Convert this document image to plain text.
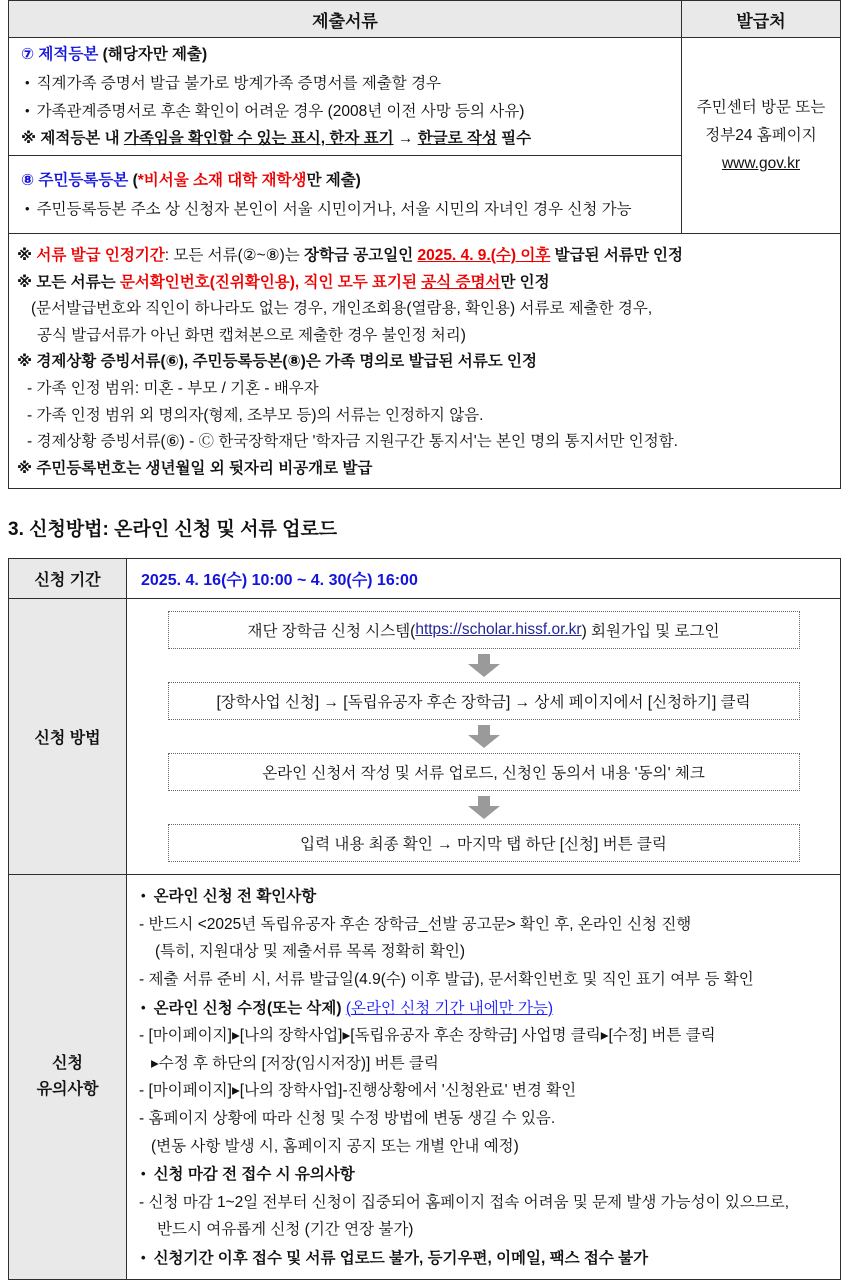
제출서류	발급처

⑦ 제적등본 (해당자만 제출)
• 직계가족 증명서 발급 불가로 방계가족 증명서를 제출할 경우
• 가족관계증명서로 후손 확인이 어려운 경우 (2008년 이전 사망 등의 사유)
※ 제적등본 내 가족임을 확인할 수 있는 표시, 한자 표기 → 한글로 작성 필수

주민센터 방문 또는
정부24 홈페이지
www.gov.kr

⑧ 주민등록등본 (*비서울 소재 대학 재학생만 제출)
• 주민등록등본 주소 상 신청자 본인이 서울 시민이거나, 서울 시민의 자녀인 경우 신청 가능	

※ 서류 발급 인정기간: 모든 서류(②~⑧)는 장학금 공고일인 2025. 4. 9.(수) 이후 발급된 서류만 인정
※ 모든 서류는 문서확인번호(진위확인용), 직인 모두 표기된 공식 증명서만 인정
(문서발급번호와 직인이 하나라도 없는 경우, 개인조회용(열람용, 확인용) 서류로 제출한 경우,
공식 발급서류가 아닌 화면 캡쳐본으로 제출한 경우 불인정 처리)
※ 경제상황 증빙서류(⑥), 주민등록등본(⑧)은 가족 명의로 발급된 서류도 인정
- 가족 인정 범위: 미혼 - 부모 / 기혼 - 배우자
- 가족 인정 범위 외 명의자(형제, 조부모 등)의 서류는 인정하지 않음.
- 경제상황 증빙서류(⑥) - Ⓒ 한국장학재단 '학자금 지원구간 통지서'는 본인 명의 통지서만 인정함.
※ 주민등록번호는 생년월일 외 뒷자리 비공개로 발급
3. 신청방법: 온라인 신청 및 서류 업로드
신청 기간	2025. 4. 16(수) 10:00 ~ 4. 30(수) 16:00
신청 방법	
재단 장학금 신청 시스템( https://scholar.hissf.or.kr ) 회원가입 및 로그인
[장학사업 신청] → [독립유공자 후손 장학금] → 상세 페이지에서 [신청하기] 클릭
온라인 신청서 작성 및 서류 업로드, 신청인 동의서 내용 '동의' 체크
입력 내용 최종 확인 → 마지막 탭 하단 [신청] 버튼 클릭

신청
유의사항

• 온라인 신청 전 확인사항
- 반드시 <2025년 독립유공자 후손 장학금_선발 공고문> 확인 후, 온라인 신청 진행
(특히, 지원대상 및 제출서류 목록 정확히 확인)
- 제출 서류 준비 시, 서류 발급일(4.9(수) 이후 발급), 문서확인번호 및 직인 표기 여부 등 확인
• 온라인 신청 수정(또는 삭제) (온라인 신청 기간 내에만 가능)
- [마이페이지]▸[나의 장학사업]▸[독립유공자 후손 장학금] 사업명 클릭▸[수정] 버튼 클릭
▸수정 후 하단의 [저장(임시저장)] 버튼 클릭
- [마이페이지]▸[나의 장학사업]-진행상황에서 '신청완료' 변경 확인
- 홈페이지 상황에 따라 신청 및 수정 방법에 변동 생길 수 있음.
(변동 사항 발생 시, 홈페이지 공지 또는 개별 안내 예정)
• 신청 마감 전 접수 시 유의사항
- 신청 마감 1~2일 전부터 신청이 집중되어 홈페이지 접속 어려움 및 문제 발생 가능성이 있으므로,
반드시 여유롭게 신청 (기간 연장 불가)
• 신청기간 이후 접수 및 서류 업로드 불가, 등기우편, 이메일, 팩스 접수 불가
